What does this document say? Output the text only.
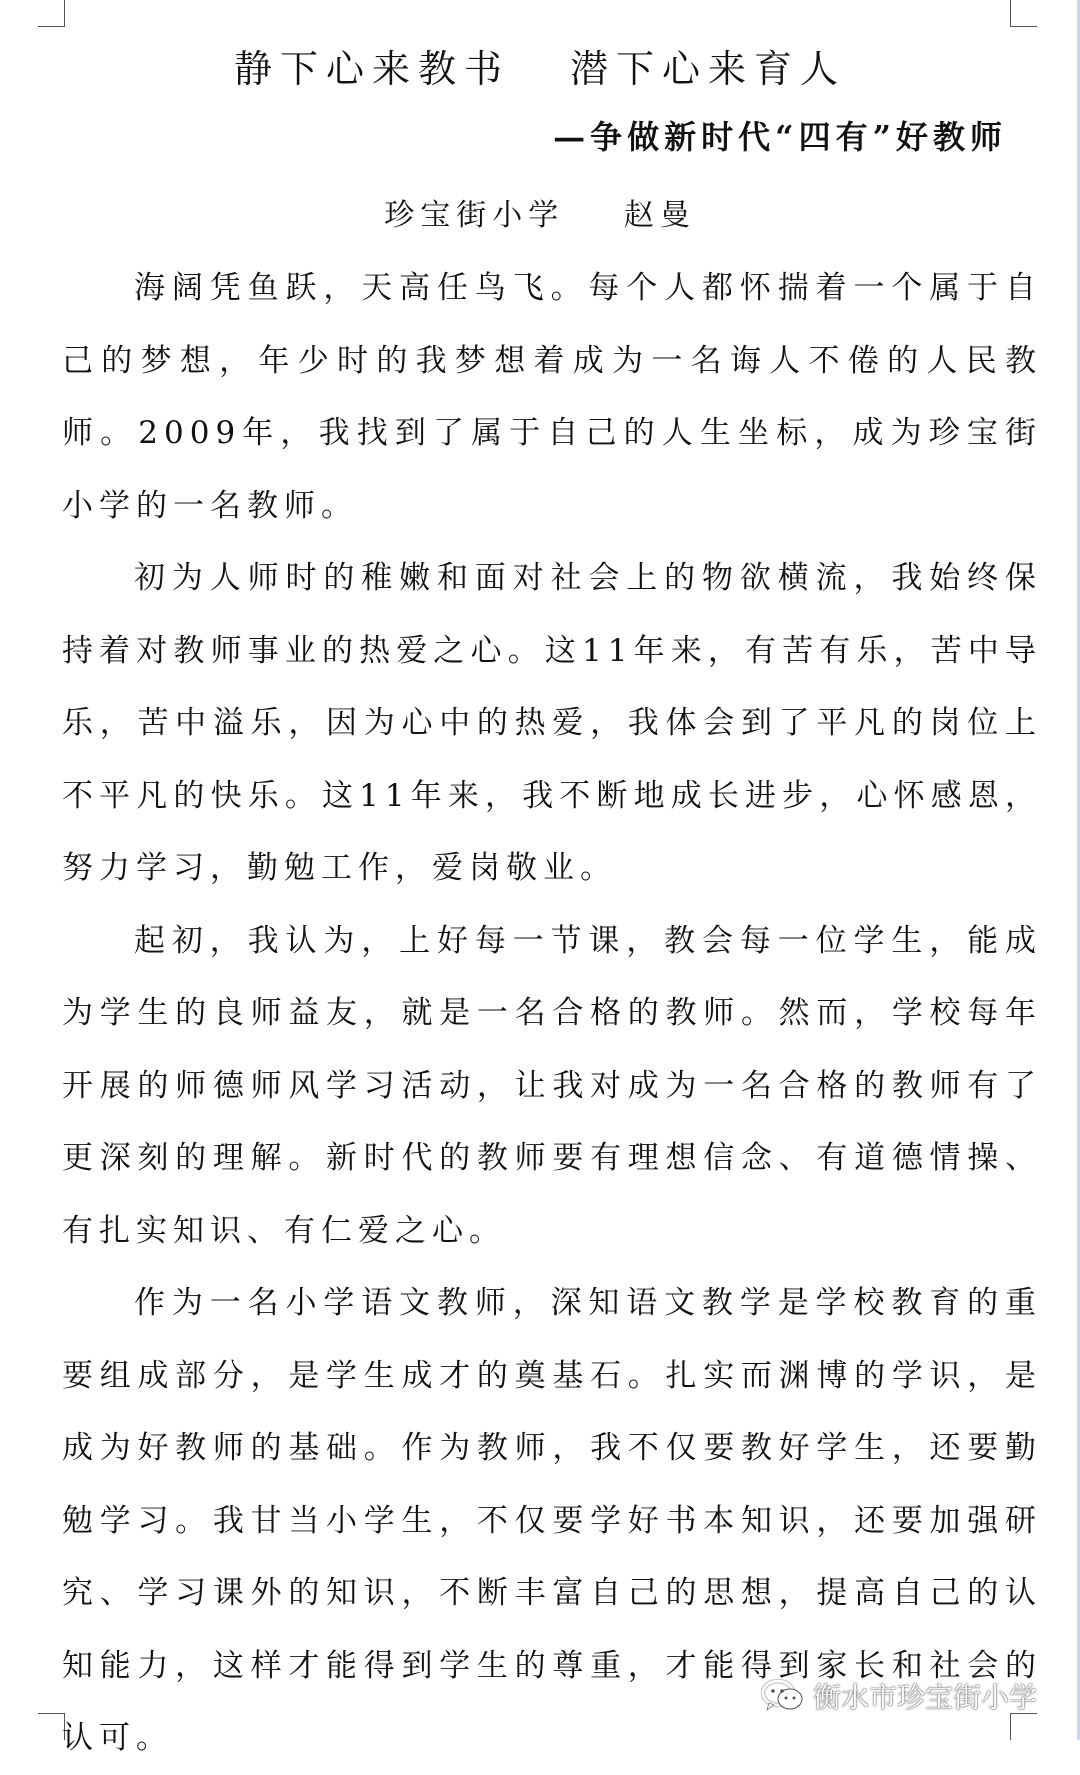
静下心来教书 潜下心来育人
—争做新时代“四有”好教师
珍宝街小学 赵曼

海阔凭鱼跃，天高任鸟飞。每个人都怀揣着一个属于自己的梦想，年少时的我梦想着成为一名诲人不倦的人民教师。2009年，我找到了属于自己的人生坐标，成为珍宝街小学的一名教师。

初为人师时的稚嫩和面对社会上的物欲横流，我始终保持着对教师事业的热爱之心。这11年来，有苦有乐，苦中导乐，苦中溢乐，因为心中的热爱，我体会到了平凡的岗位上不平凡的快乐。这11年来，我不断地成长进步，心怀感恩，努力学习，勤勉工作，爱岗敬业。

起初，我认为，上好每一节课，教会每一位学生，能成为学生的良师益友，就是一名合格的教师。然而，学校每年开展的师德师风学习活动，让我对成为一名合格的教师有了更深刻的理解。新时代的教师要有理想信念、有道德情操、有扎实知识、有仁爱之心。

作为一名小学语文教师，深知语文教学是学校教育的重要组成部分，是学生成才的奠基石。扎实而渊博的学识，是成为好教师的基础。作为教师，我不仅要教好学生，还要勤勉学习。我甘当小学生，不仅要学好书本知识，还要加强研究、学习课外的知识，不断丰富自己的思想，提高自己的认知能力，这样才能得到学生的尊重，才能得到家长和社会的认可。

衡水市珍宝街小学
